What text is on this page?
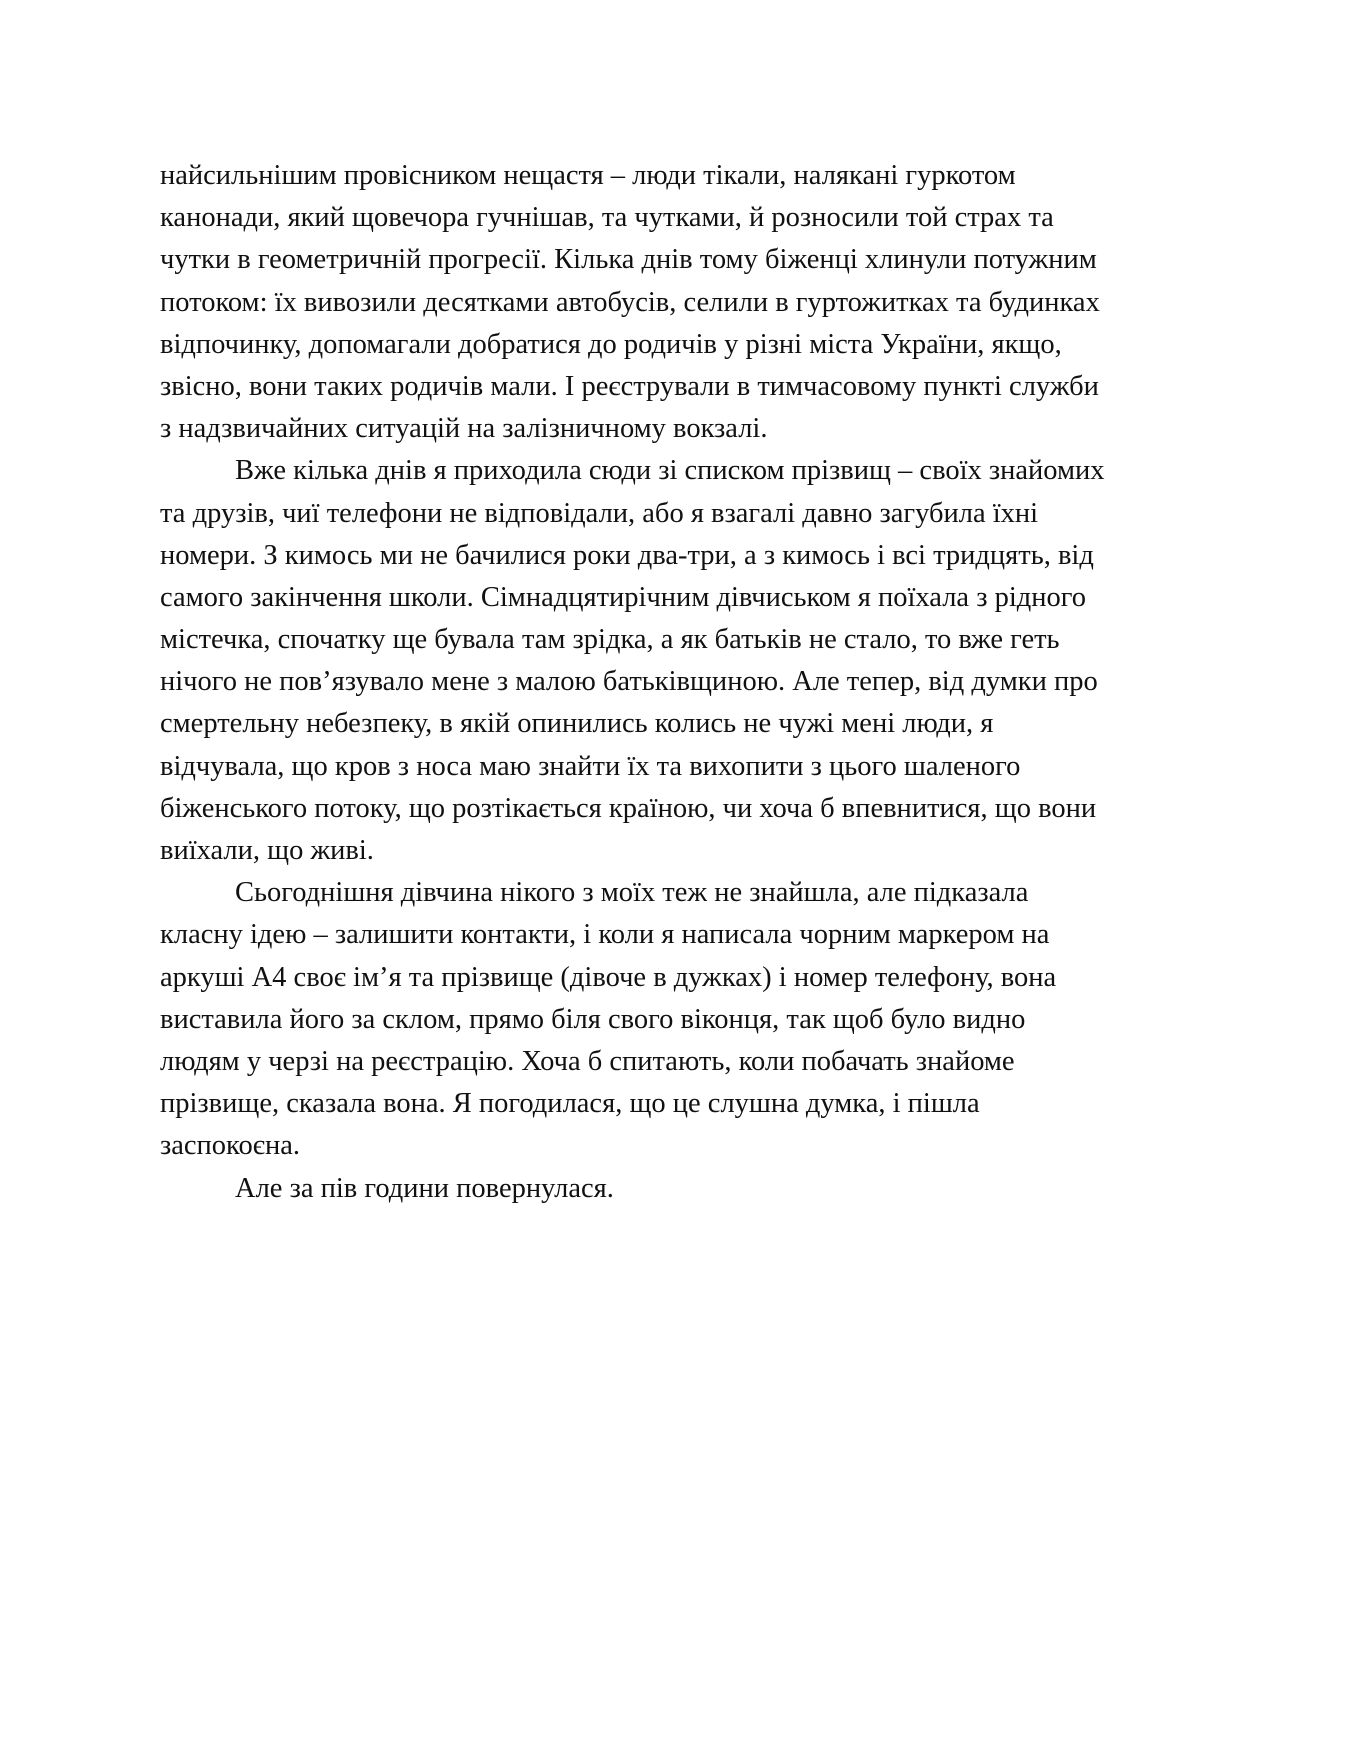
найсильнішим провісником нещастя – люди тікали, налякані гуркотом
канонади, який щовечора гучнішав, та чутками, й розносили той страх та
чутки в геометричній прогресії. Кілька днів тому біженці хлинули потужним
потоком: їх вивозили десятками автобусів, селили в гуртожитках та будинках
відпочинку, допомагали добратися до родичів у різні міста України, якщо,
звісно, вони таких родичів мали. І реєстрували в тимчасовому пункті служби
з надзвичайних ситуацій на залізничному вокзалі.
Вже кілька днів я приходила сюди зі списком прізвищ – своїх знайомих
та друзів, чиї телефони не відповідали, або я взагалі давно загубила їхні
номери. З кимось ми не бачилися роки два-три, а з кимось і всі тридцять, від
самого закінчення школи. Сімнадцятирічним дівчиськом я поїхала з рідного
містечка, спочатку ще бувала там зрідка, а як батьків не стало, то вже геть
нічого не пов’язувало мене з малою батьківщиною. Але тепер, від думки про
смертельну небезпеку, в якій опинились колись не чужі мені люди, я
відчувала, що кров з носа маю знайти їх та вихопити з цього шаленого
біженського потоку, що розтікається країною, чи хоча б впевнитися, що вони
виїхали, що живі.
Сьогоднішня дівчина нікого з моїх теж не знайшла, але підказала
класну ідею – залишити контакти, і коли я написала чорним маркером на
аркуші А4 своє ім’я та прізвище (дівоче в дужках) і номер телефону, вона
виставила його за склом, прямо біля свого віконця, так щоб було видно
людям у черзі на реєстрацію. Хоча б спитають, коли побачать знайоме
прізвище, сказала вона. Я погодилася, що це слушна думка, і пішла
заспокоєна.
Але за пів години повернулася.
